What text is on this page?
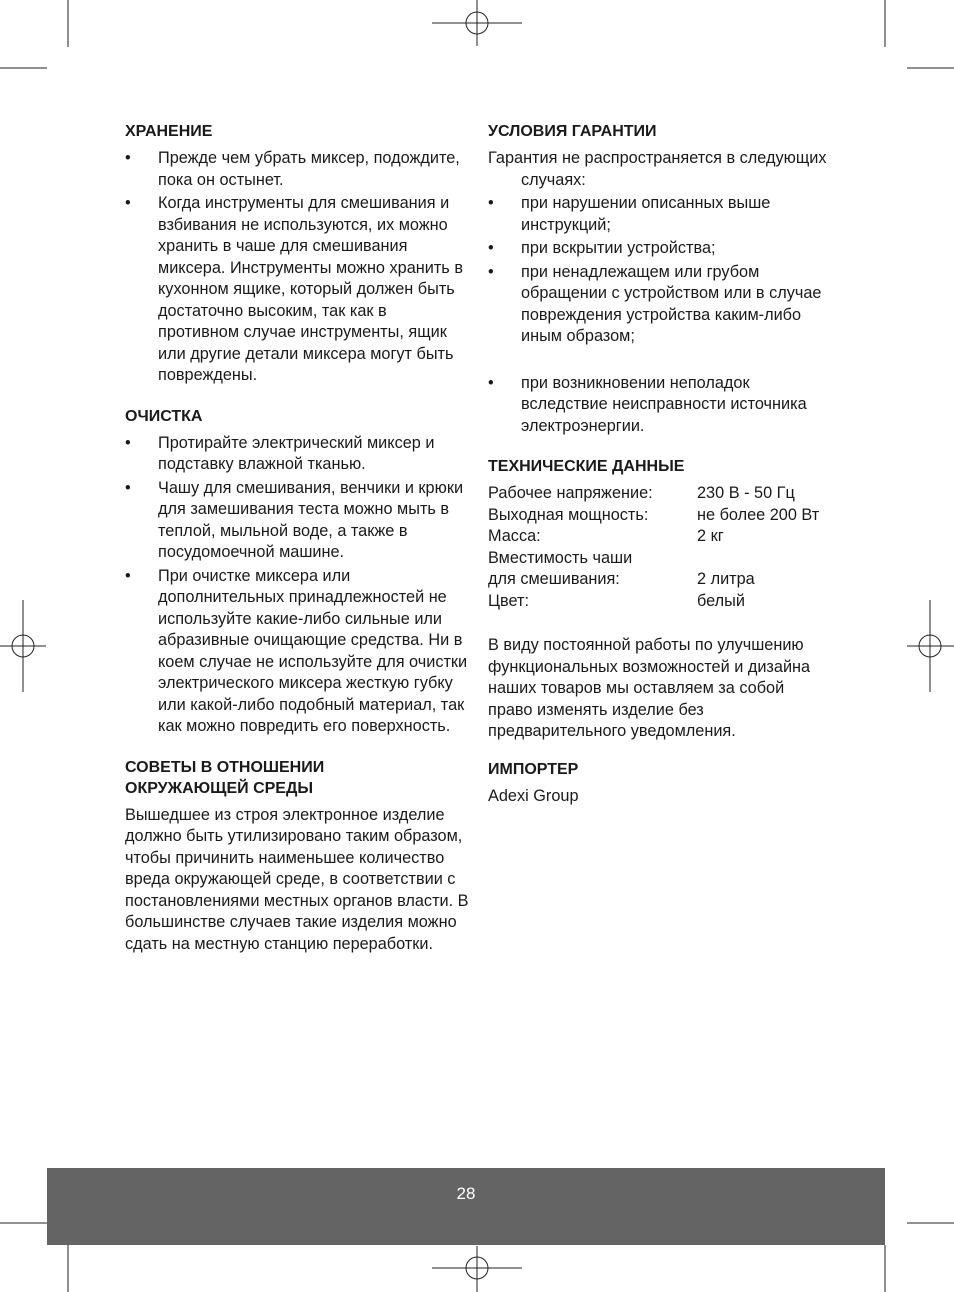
ХРАНЕНИЕ
• Прежде чем убрать миксер, подождите, пока он остынет.
• Когда инструменты для смешивания и взбивания не используются, их можно хранить в чаше для смешивания миксера. Инструменты можно хранить в кухонном ящике, который должен быть достаточно высоким, так как в противном случае инструменты, ящик или другие детали миксера могут быть повреждены.
ОЧИСТКА
• Протирайте электрический миксер и подставку влажной тканью.
• Чашу для смешивания, венчики и крюки для замешивания теста можно мыть в теплой, мыльной воде, а также в посудомоечной машине.
• При очистке миксера или дополнительных принадлежностей не используйте какие-либо сильные или абразивные очищающие средства. Ни в коем случае не используйте для очистки электрического миксера жесткую губку или какой-либо подобный материал, так как можно повредить его поверхность.
СОВЕТЫ В ОТНОШЕНИИ
ОКРУЖАЮЩЕЙ СРЕДЫ

Вышедшее из строя электронное изделие должно быть утилизировано таким образом, чтобы причинить наименьшее количество вреда окружающей среде, в соответствии с постановлениями местных органов власти. В большинстве случаев такие изделия можно сдать на местную станцию переработки.

УСЛОВИЯ ГАРАНТИИ

Гарантия не распространяется в следующих случаях:

• при нарушении описанных выше инструкций;
• при вскрытии устройства;
• при ненадлежащем или грубом обращении с устройством или в случае повреждения устройства каким-либо иным образом;
• при возникновении неполадок вследствие неисправности источника электроэнергии.
ТЕХНИЧЕСКИЕ ДАННЫЕ
Рабочее напряжение:	230 В - 50 Гц
Выходная мощность:	не более 200 Вт
Масса:	2 кг
Вместимость чаши
для смешивания:	2 литра
Цвет:	белый

В виду постоянной работы по улучшению функциональных возможностей и дизайна наших товаров мы оставляем за собой право изменять изделие без предварительного уведомления.

ИМПОРТЕР

Adexi Group

28
